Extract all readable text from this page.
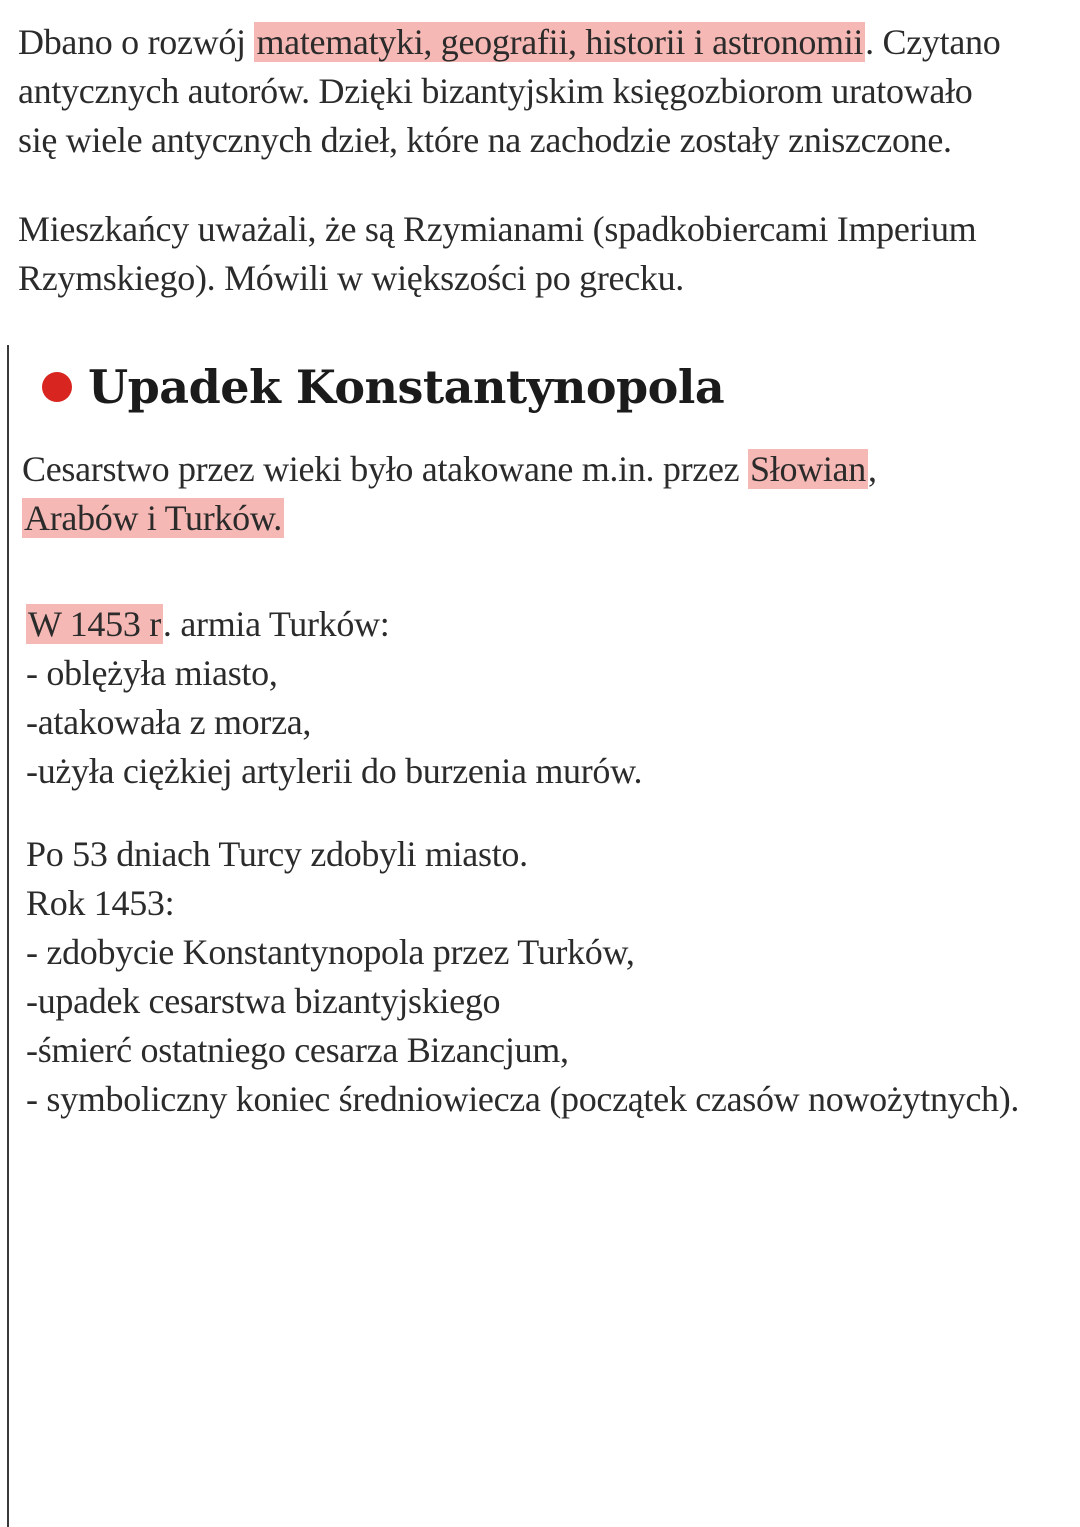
Dbano o rozwój matematyki, geografii, historii i astronomii. Czytano
antycznych autorów. Dzięki bizantyjskim księgozbiorom uratowało
się wiele antycznych dzieł, które na zachodzie zostały zniszczone.
Mieszkańcy uważali, że są Rzymianami (spadkobiercami Imperium
Rzymskiego). Mówili w większości po grecku.
Upadek Konstantynopola
Cesarstwo przez wieki było atakowane m.in. przez Słowian,
Arabów i Turków.
W 1453 r. armia Turków:
- oblężyła miasto,
-atakowała z morza,
-użyła ciężkiej artylerii do burzenia murów.
Po 53 dniach Turcy zdobyli miasto.
Rok 1453:
- zdobycie Konstantynopola przez Turków,
-upadek cesarstwa bizantyjskiego
-śmierć ostatniego cesarza Bizancjum,
- symboliczny koniec średniowiecza (początek czasów nowożytnych).
